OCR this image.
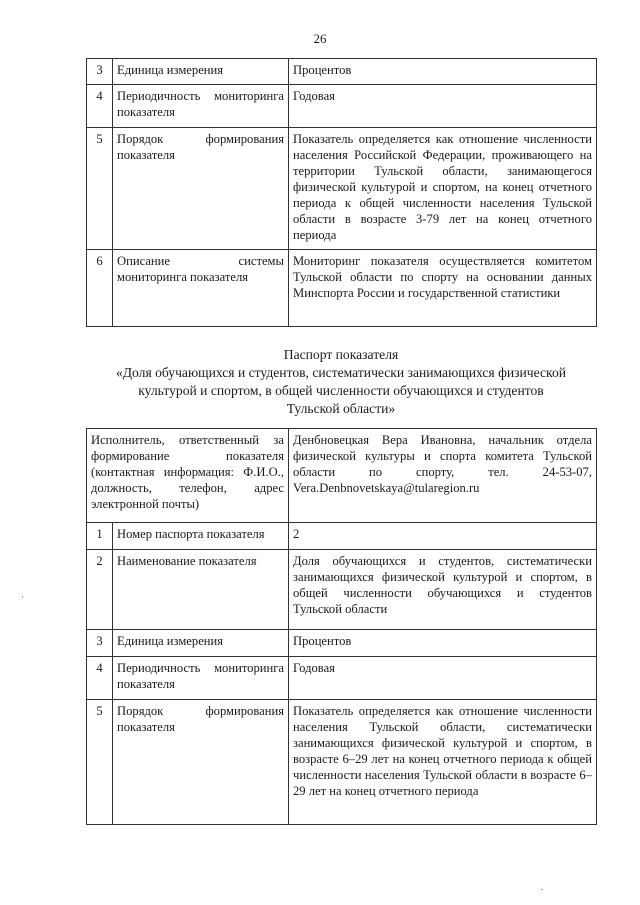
26
3	Единица измерения	Процентов
4	Периодичность мониторинга показателя	Годовая
5	Порядок формирования показателя	Показатель определяется как отношение численности населения Российской Федерации, проживающего на территории Тульской области, занимающегося физической культурой и спортом, на конец отчетного периода к общей численности населения Тульской области в возрасте 3-79 лет на конец отчетного периода
6	Описание системы мониторинга показателя	Мониторинг показателя осуществляется комитетом Тульской области по спорту на основании данных Минспорта России и государственной статистики
Паспорт показателя
«Доля обучающихся и студентов, систематически занимающихся физической
культурой и спортом, в общей численности обучающихся и студентов
Тульской области»
Исполнитель, ответственный за формирование показателя (контактная информация: Ф.И.О., должность, телефон, адрес электронной почты)		Денбновецкая Вера Ивановна, начальник отдела физической культуры и спорта комитета Тульской области по спорту, тел. 24-53-07, Vera.Denbnovetskaya@tularegion.ru
1	Номер паспорта показателя	2
2	Наименование показателя	Доля обучающихся и студентов, систематически занимающихся физической культурой и спортом, в общей численности обучающихся и студентов Тульской области
3	Единица измерения	Процентов
4	Периодичность мониторинга показателя	Годовая
5	Порядок формирования показателя	Показатель определяется как отношение численности населения Тульской области, систематически занимающихся физической культурой и спортом, в возрасте 6–29 лет на конец отчетного периода к общей численности населения Тульской области в возрасте 6–29 лет на конец отчетного периода
